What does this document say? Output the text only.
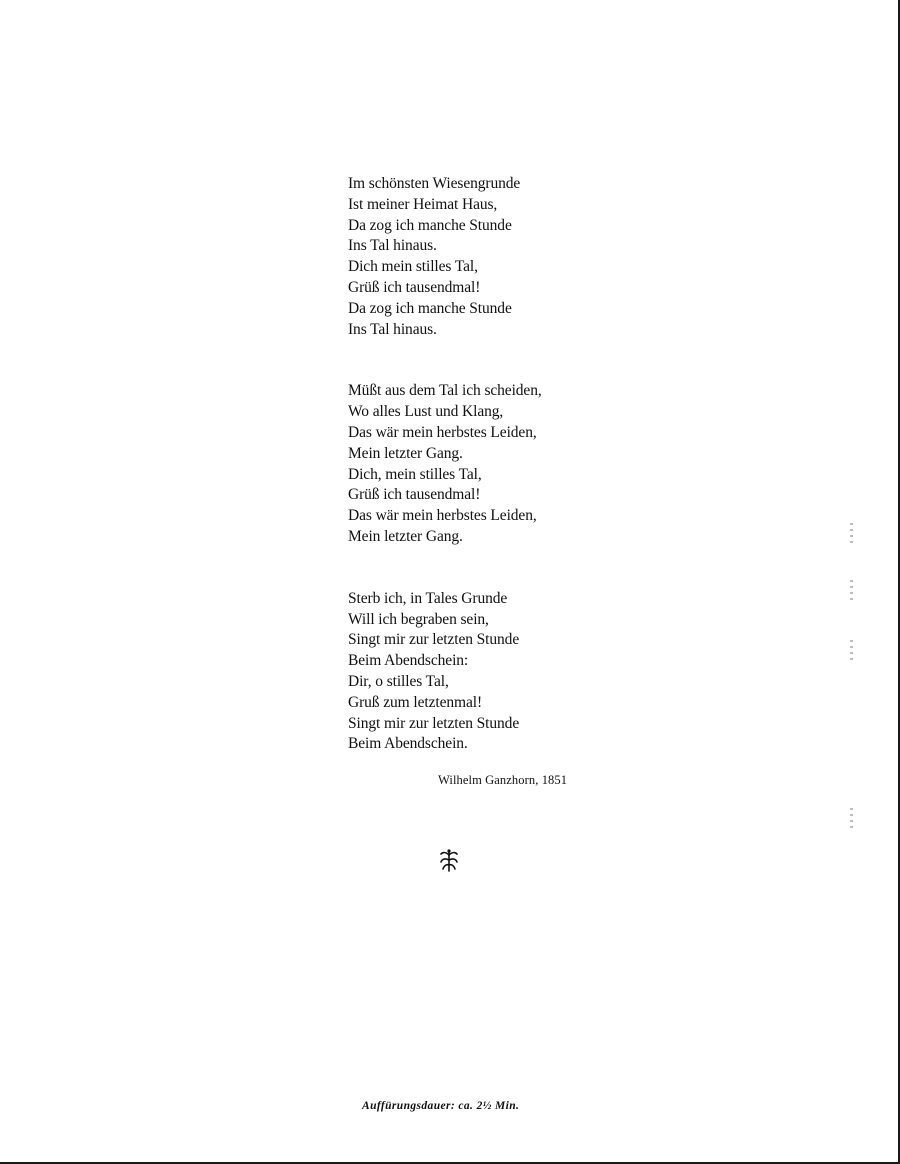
Im schönsten Wiesengrunde
Ist meiner Heimat Haus,
Da zog ich manche Stunde
Ins Tal hinaus.
Dich mein stilles Tal,
Grüß ich tausendmal!
Da zog ich manche Stunde
Ins Tal hinaus.
Müßt aus dem Tal ich scheiden,
Wo alles Lust und Klang,
Das wär mein herbstes Leiden,
Mein letzter Gang.
Dich, mein stilles Tal,
Grüß ich tausendmal!
Das wär mein herbstes Leiden,
Mein letzter Gang.
Sterb ich, in Tales Grunde
Will ich begraben sein,
Singt mir zur letzten Stunde
Beim Abendschein:
Dir, o stilles Tal,
Gruß zum letztenmal!
Singt mir zur letzten Stunde
Beim Abendschein.
Wilhelm Ganzhorn, 1851
Auffürungsdauer: ca. 2½ Min.
